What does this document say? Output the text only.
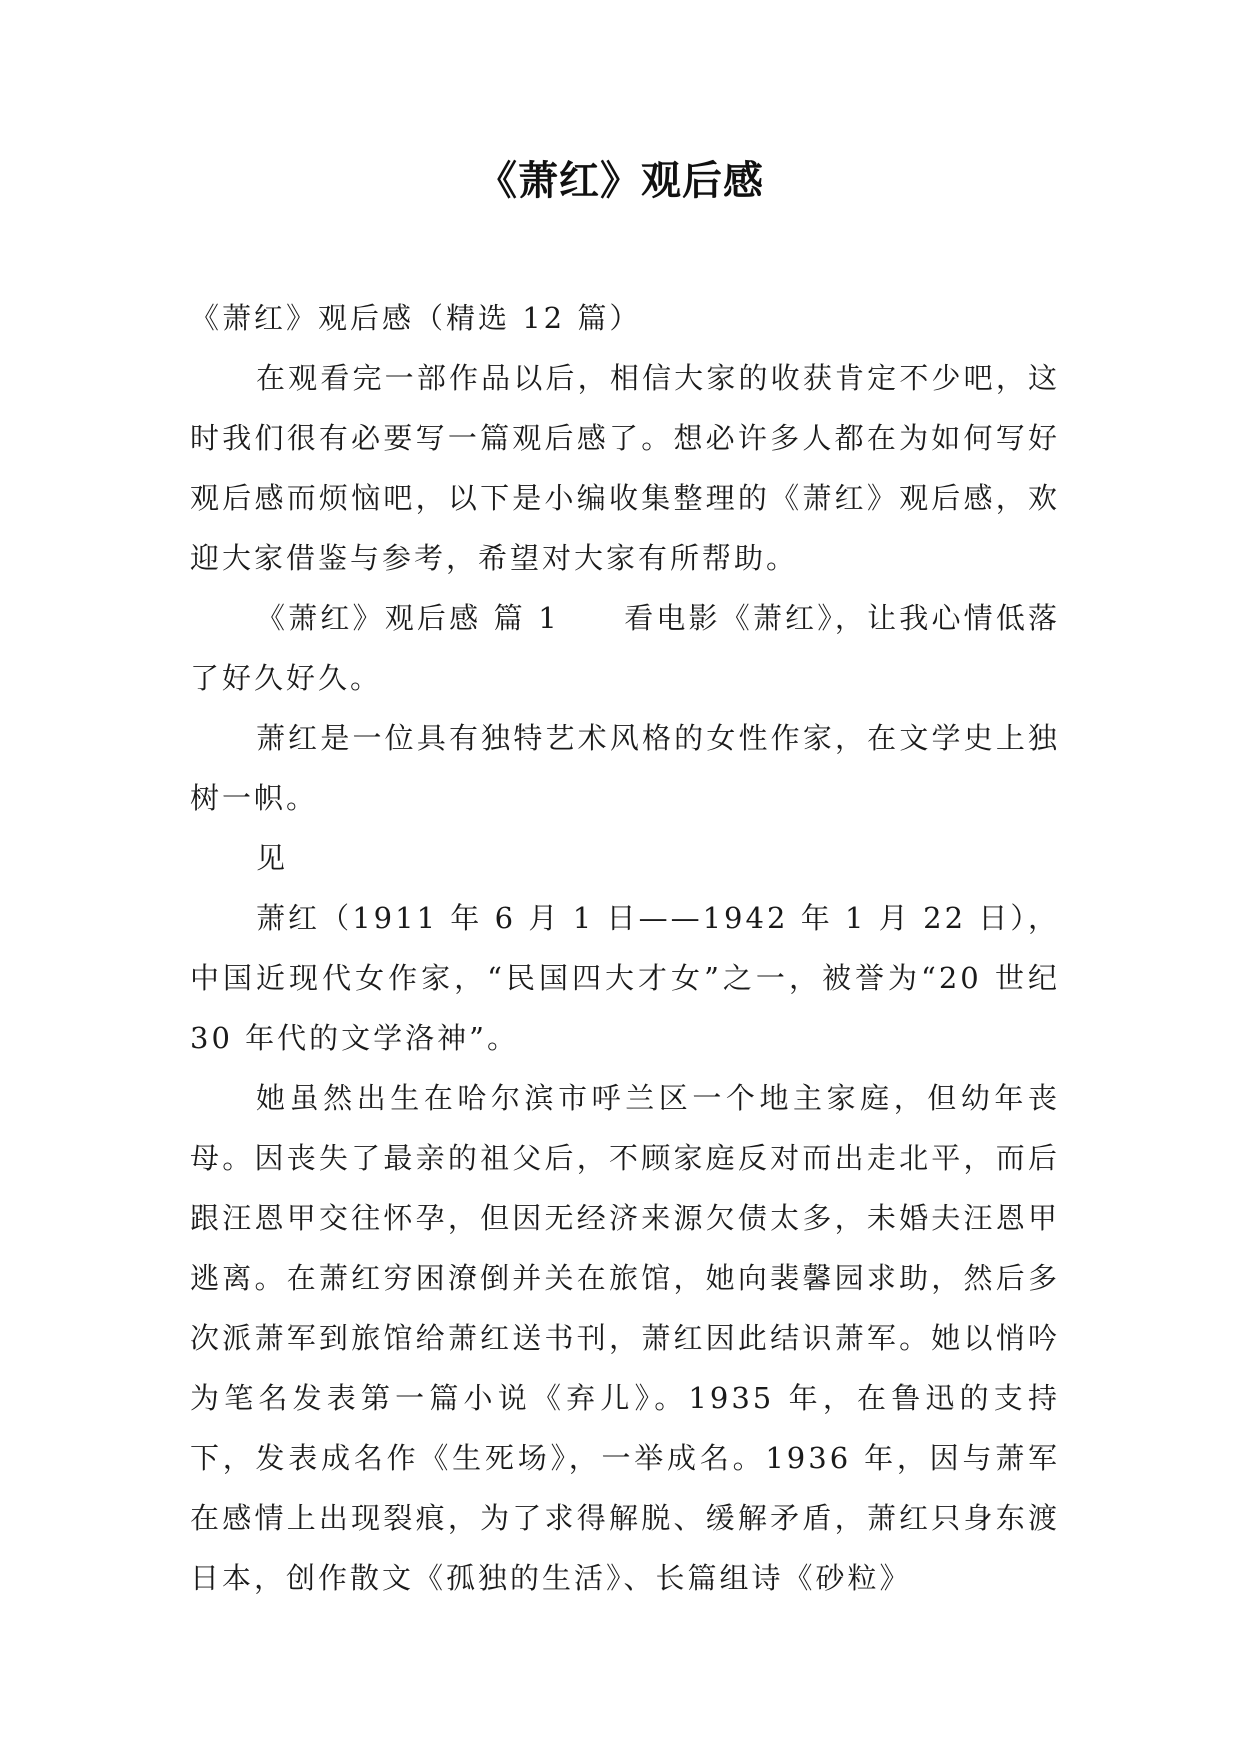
《萧红》观后感

《萧红》观后感（精选 12 篇）

在观看完一部作品以后，相信大家的收获肯定不少吧，这时我们很有必要写一篇观后感了。想必许多人都在为如何写好观后感而烦恼吧，以下是小编收集整理的《萧红》观后感，欢迎大家借鉴与参考，希望对大家有所帮助。

《萧红》观后感 篇 1　　看电影《萧红》，让我心情低落了好久好久。

萧红是一位具有独特艺术风格的女性作家，在文学史上独树一帜。

见

萧红（1911 年 6 月 1 日——1942 年 1 月 22 日），中国近现代女作家，“民国四大才女”之一，被誉为“20 世纪 30 年代的文学洛神”。

她虽然出生在哈尔滨市呼兰区一个地主家庭，但幼年丧母。因丧失了最亲的祖父后，不顾家庭反对而出走北平，而后跟汪恩甲交往怀孕，但因无经济来源欠债太多，未婚夫汪恩甲逃离。在萧红穷困潦倒并关在旅馆，她向裴馨园求助，然后多次派萧军到旅馆给萧红送书刊，萧红因此结识萧军。她以悄吟为笔名发表第一篇小说《弃儿》。1935 年，在鲁迅的支持下，发表成名作《生死场》，一举成名。1936 年，因与萧军在感情上出现裂痕，为了求得解脱、缓解矛盾，萧红只身东渡日本，创作散文《孤独的生活》、长篇组诗《砂粒》
